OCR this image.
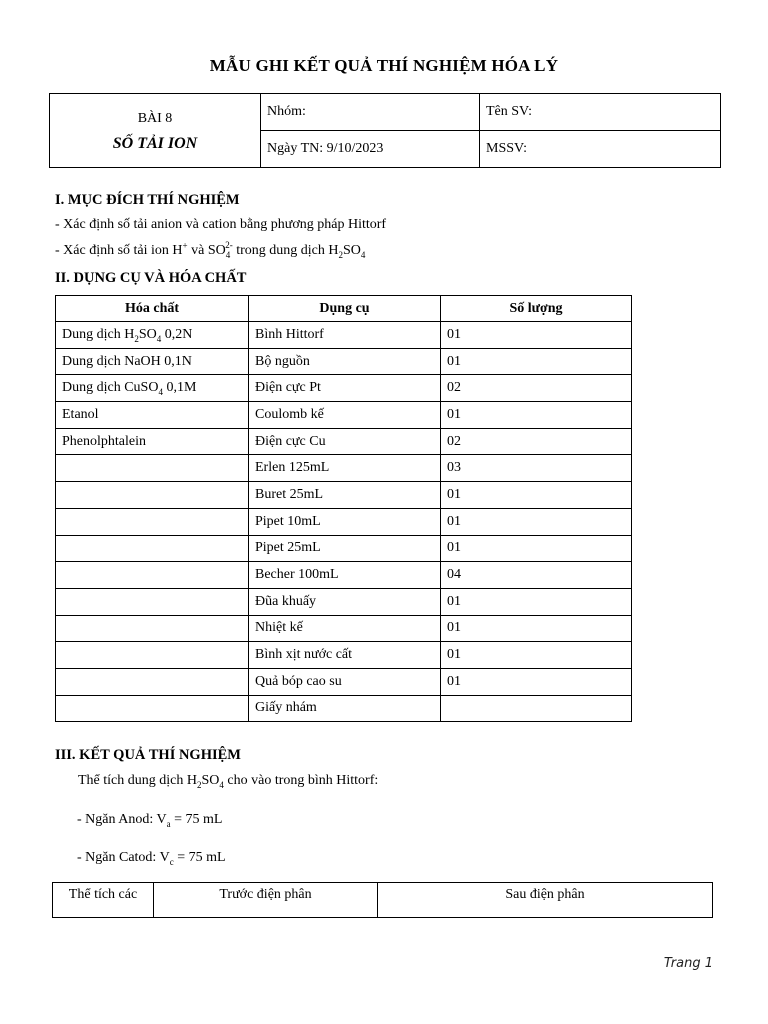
MẪU GHI KẾT QUẢ THÍ NGHIỆM HÓA LÝ
BÀI 8
SỐ TẢI ION	Nhóm:	Tên SV:
	Ngày TN: 9/10/2023	MSSV:
I. MỤC ĐÍCH THÍ NGHIỆM
- Xác định số tải anion và cation bằng phương pháp Hittorf
- Xác định số tải ion H+ và $SO_4^{2-}$ trong dung dịch $H_2SO_4$
II. DỤNG CỤ VÀ HÓA CHẤT
Hóa chất	Dụng cụ	Số lượng
Dung dịch $H_2SO_4$ 0,2N	Bình Hittorf	01
Dung dịch NaOH 0,1N	Bộ nguồn	01
Dung dịch CuSO$_4$ 0,1M	Điện cực Pt	02
Etanol	Coulomb kế	01
Phenolphtalein	Điện cực Cu	02
	Erlen 125mL	03
	Buret 25mL	01
	Pipet 10mL	01
	Pipet 25mL	01
	Becher 100mL	04
	Đũa khuấy	01
	Nhiệt kế	01
	Bình xịt nước cất	01
	Quả bóp cao su	01
	Giấy nhám	
III. KẾT QUẢ THÍ NGHIỆM
Thể tích dung dịch $H_2SO_4$ cho vào trong bình Hittorf:
- Ngăn Anod: $V_a = 75$ mL
- Ngăn Catod: $V_c = 75$ mL
Thể tích các	Trước điện phân	Sau điện phân
Trang 1
